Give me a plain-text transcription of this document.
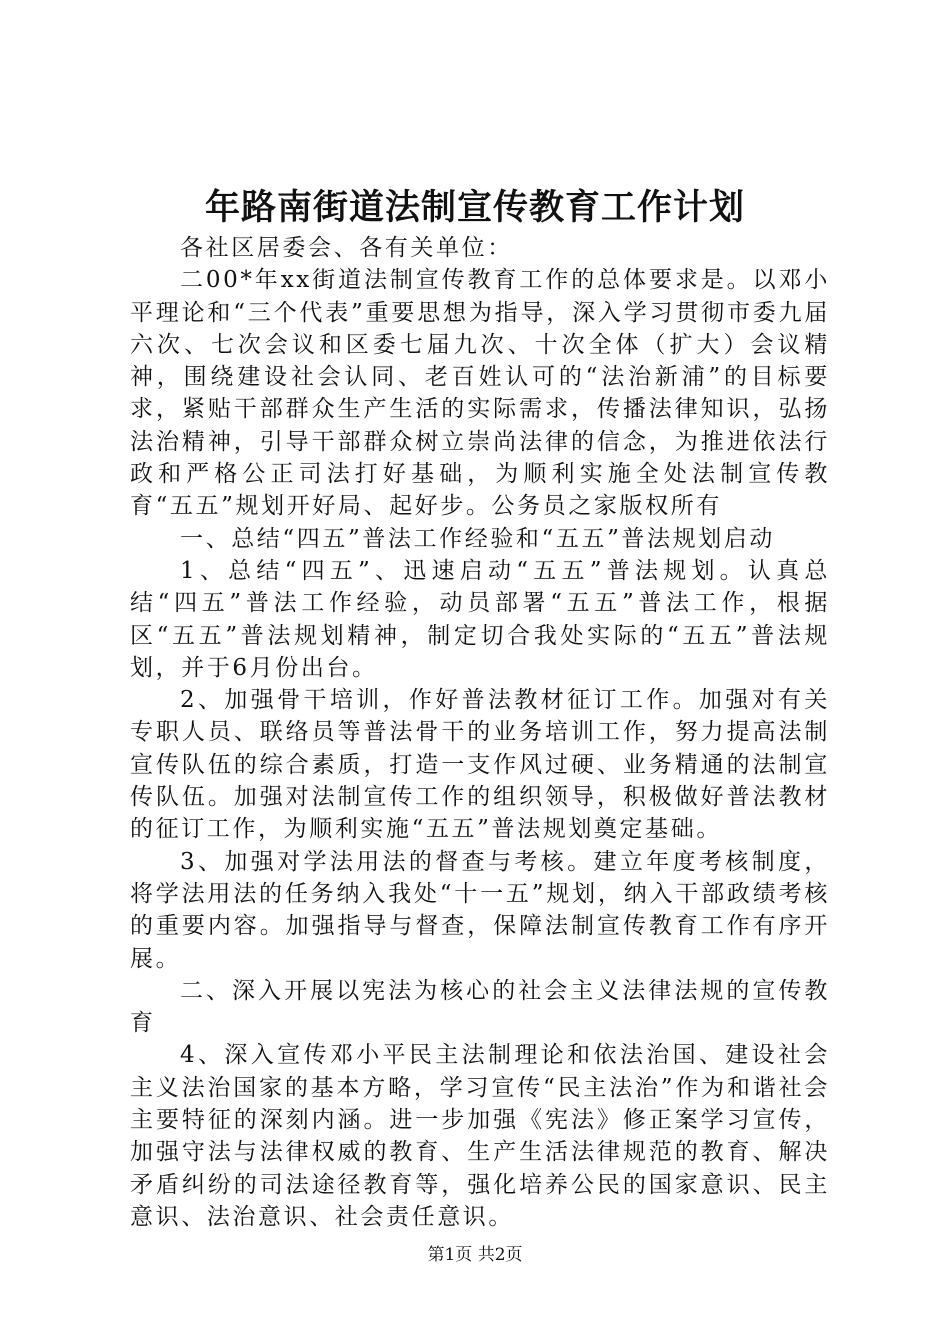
年路南街道法制宣传教育工作计划

各社区居委会、各有关单位：

二00*年xx街道法制宣传教育工作的总体要求是。以邓小平理论和“三个代表”重要思想为指导，深入学习贯彻市委九届六次、七次会议和区委七届九次、十次全体（扩大）会议精神，围绕建设社会认同、老百姓认可的“法治新浦”的目标要求，紧贴干部群众生产生活的实际需求，传播法律知识，弘扬法治精神，引导干部群众树立崇尚法律的信念，为推进依法行政和严格公正司法打好基础，为顺利实施全处法制宣传教育“五五”规划开好局、起好步。公务员之家版权所有

一、总结“四五”普法工作经验和“五五”普法规划启动

1、总结“四五”、迅速启动“五五”普法规划。认真总结“四五”普法工作经验，动员部署“五五”普法工作，根据区“五五”普法规划精神，制定切合我处实际的“五五”普法规划，并于6月份出台。

2、加强骨干培训，作好普法教材征订工作。加强对有关专职人员、联络员等普法骨干的业务培训工作，努力提高法制宣传队伍的综合素质，打造一支作风过硬、业务精通的法制宣传队伍。加强对法制宣传工作的组织领导，积极做好普法教材的征订工作，为顺利实施“五五”普法规划奠定基础。

3、加强对学法用法的督查与考核。建立年度考核制度，将学法用法的任务纳入我处“十一五”规划，纳入干部政绩考核的重要内容。加强指导与督查，保障法制宣传教育工作有序开展。

二、深入开展以宪法为核心的社会主义法律法规的宣传教育

4、深入宣传邓小平民主法制理论和依法治国、建设社会主义法治国家的基本方略，学习宣传“民主法治”作为和谐社会主要特征的深刻内涵。进一步加强《宪法》修正案学习宣传，加强守法与法律权威的教育、生产生活法律规范的教育、解决矛盾纠纷的司法途径教育等，强化培养公民的国家意识、民主意识、法治意识、社会责任意识。

第1页 共2页
